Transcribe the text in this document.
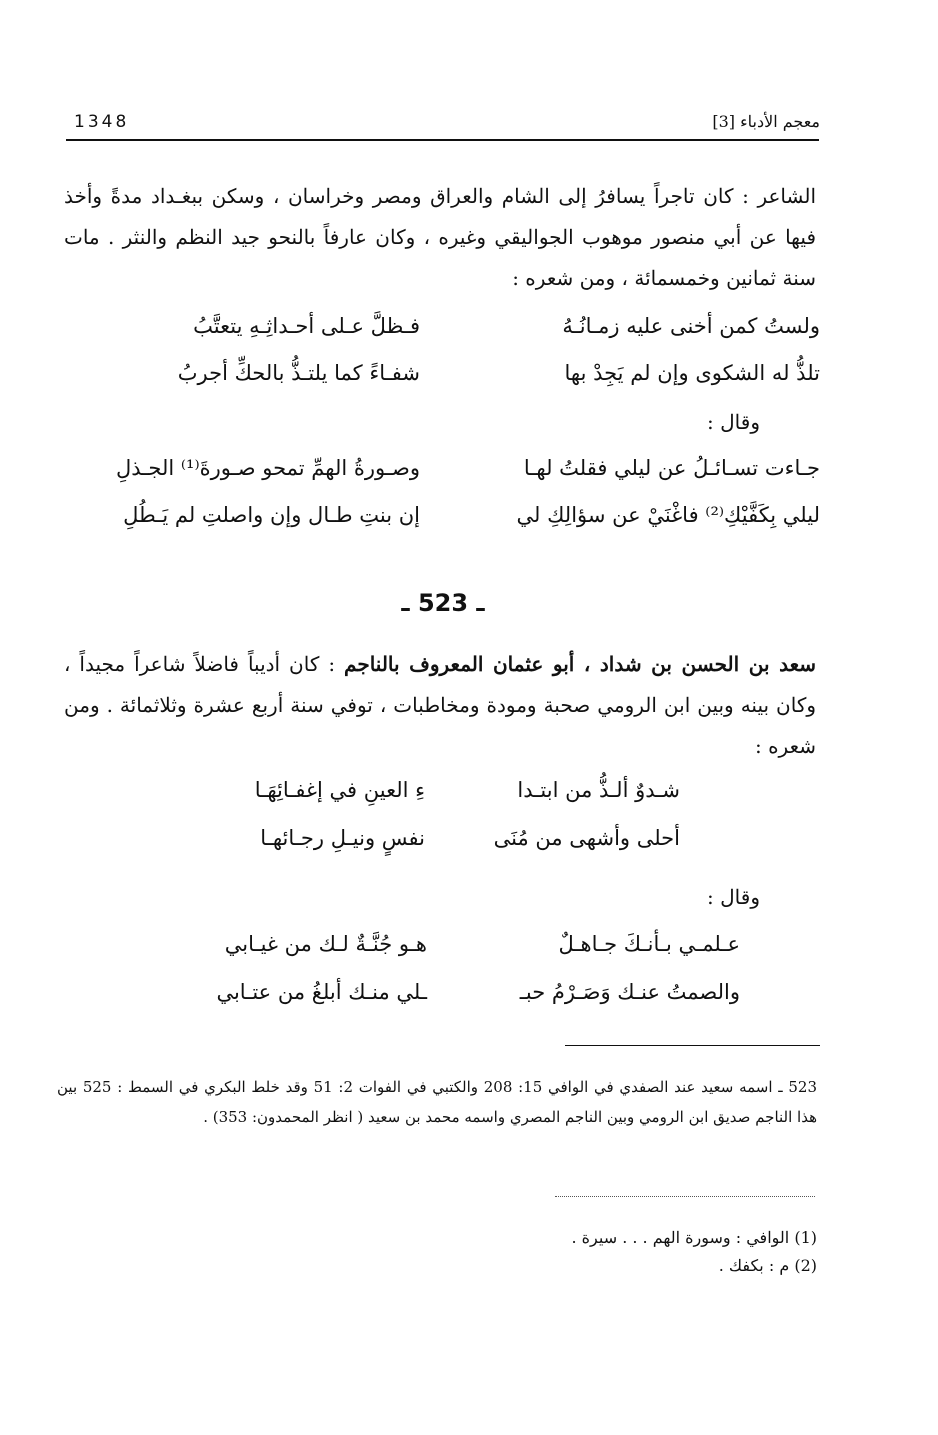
معجم الأدباء [3]
1348
الشاعر : كان تاجراً يسافرُ إلى الشام والعراق ومصر وخراسان ، وسكن ببغـداد مدةً وأخذ فيها عن أبي منصور موهوب الجواليقي وغيره ، وكان عارفاً بالنحو جيد النظم والنثر . مات سنة ثمانين وخمسمائة ، ومن شعره :
ولستُ كمن أخنى عليه زمـانُـهُ
فـظلَّ عـلى أحـداثِـهِ يتعتَّبُ
تلذُّ له الشكوى وإن لم يَجِدْ بها
شفـاءً كما يلتـذُّ بالحكِّ أجربُ
وقال :
جـاءت تسـائـلُ عن ليلي فقلتُ لهـا
وصـورةُ الهمِّ تمحو صـورةَ⁽¹⁾ الجـذلِ
ليلي بِكَفَّيْكِ⁽²⁾ فاغْنَيْ عن سؤالِكِ لي
إن بنتِ طـال وإن واصلتِ لم يَـطُلِ
ـ 523 ـ
سعد بن الحسن بن شداد ، أبو عثمان المعروف بالناجم : كان أديباً فاضلاً شاعراً مجيداً ، وكان بينه وبين ابن الرومي صحبة ومودة ومخاطبات ، توفي سنة أربع عشرة وثلاثمائة . ومن شعره :
شـدوٌ ألـذُّ من ابتـدا
ءِ العينِ في إغفـائِهَـا
أحلى وأشهى من مُنَى
نفسٍ ونيـلِ رجـائهـا
وقال :
عـلمـي بـأنـكَ جـاهـلٌ
هـو جُنَّـةٌ لـك من غيـابي
والصمتُ عنـك وَصَـرْمُ حبـ
ـلي منـك أبلغُ من عتـابي
523 ـ اسمه سعيد عند الصفدي في الوافي 15: 208 والكتبي في الفوات 2: 51 وقد خلط البكري في السمط : 525 بين هذا الناجم صديق ابن الرومي وبين الناجم المصري واسمه محمد بن سعيد ( انظر المحمدون: 353) .
(1) الوافي : وسورة الهم . . . سيرة .
(2) م : بكفك .
